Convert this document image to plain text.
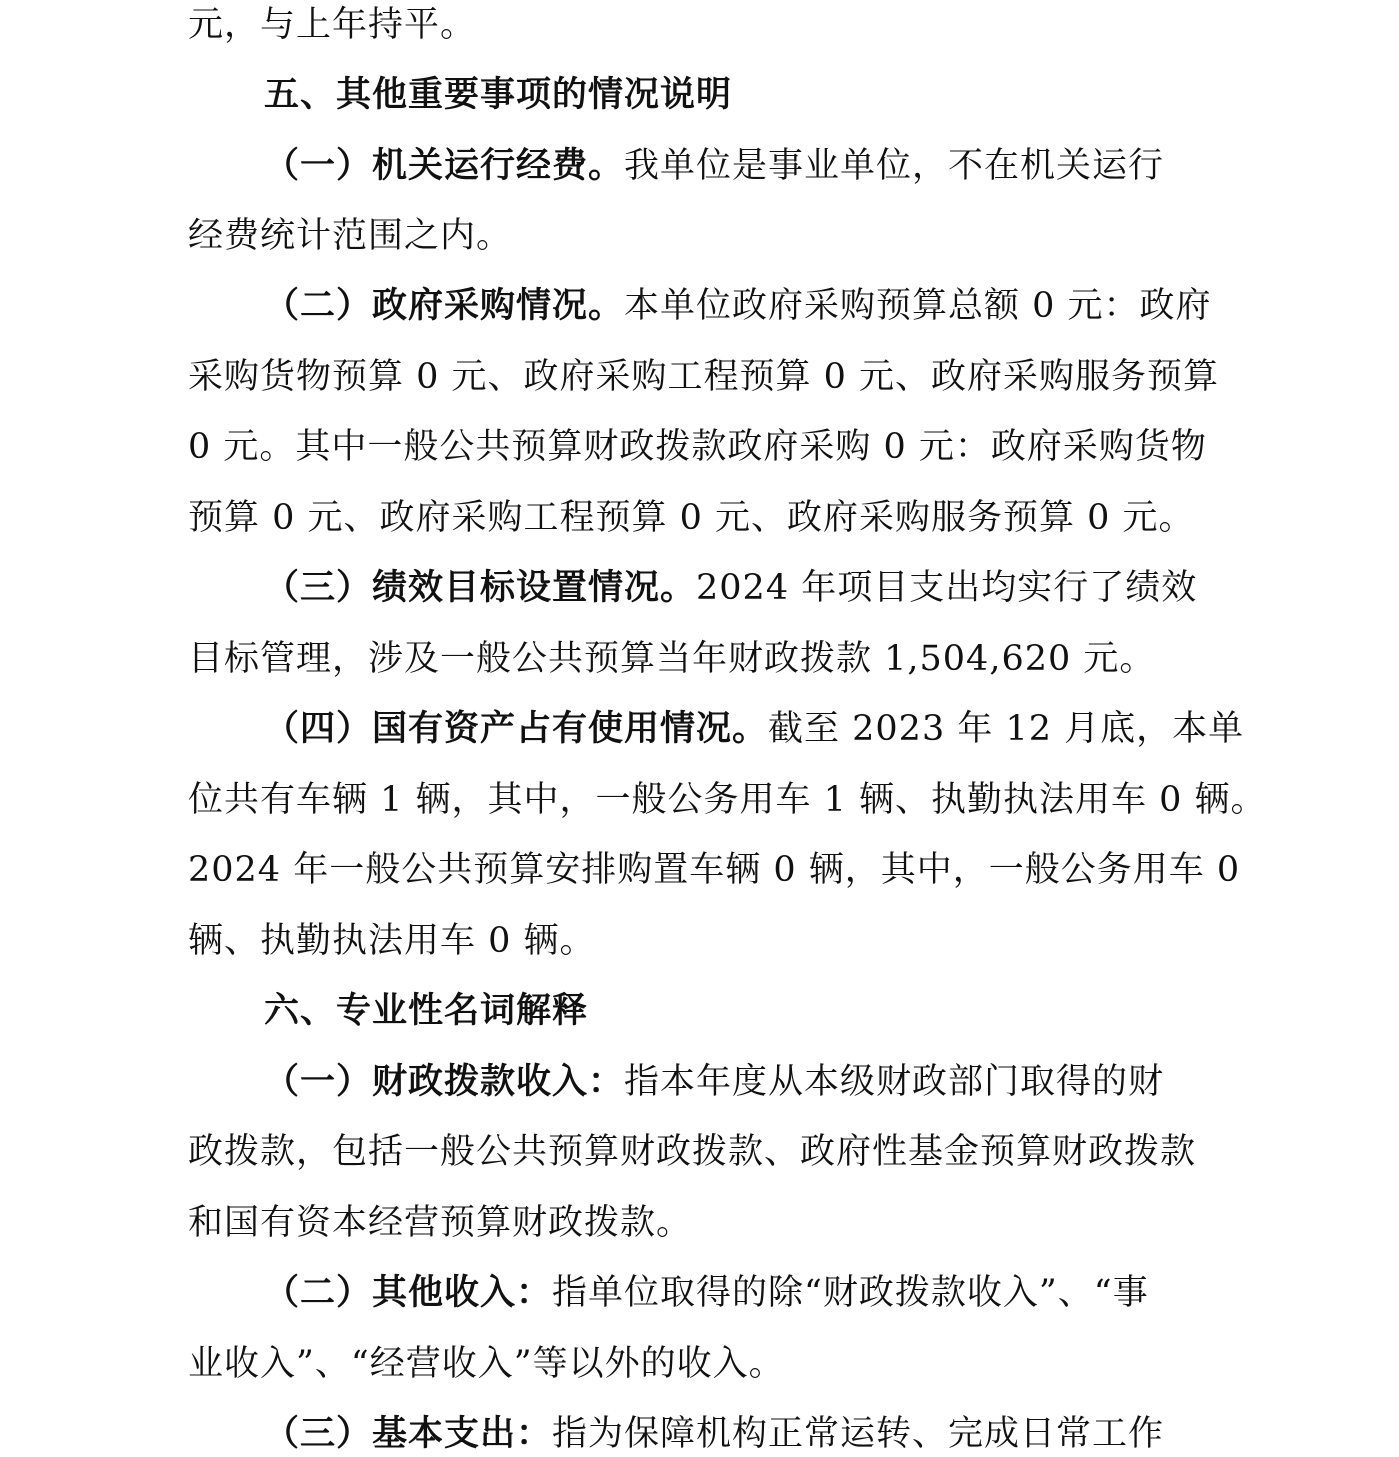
元，与上年持平。
五、其他重要事项的情况说明
（一）机关运行经费。我单位是事业单位，不在机关运行
经费统计范围之内。
（二）政府采购情况。本单位政府采购预算总额 0 元：政府
采购货物预算 0 元、政府采购工程预算 0 元、政府采购服务预算
0 元。其中一般公共预算财政拨款政府采购 0 元：政府采购货物
预算 0 元、政府采购工程预算 0 元、政府采购服务预算 0 元。
（三）绩效目标设置情况。2024 年项目支出均实行了绩效
目标管理，涉及一般公共预算当年财政拨款 1,504,620 元。
（四）国有资产占有使用情况。截至 2023 年 12 月底，本单
位共有车辆 1 辆，其中，一般公务用车 1 辆、执勤执法用车 0 辆。
2024 年一般公共预算安排购置车辆 0 辆，其中，一般公务用车 0
辆、执勤执法用车 0 辆。
六、专业性名词解释
（一）财政拨款收入：指本年度从本级财政部门取得的财
政拨款，包括一般公共预算财政拨款、政府性基金预算财政拨款
和国有资本经营预算财政拨款。
（二）其他收入：指单位取得的除“财政拨款收入”、“事
业收入”、“经营收入”等以外的收入。
（三）基本支出：指为保障机构正常运转、完成日常工作
